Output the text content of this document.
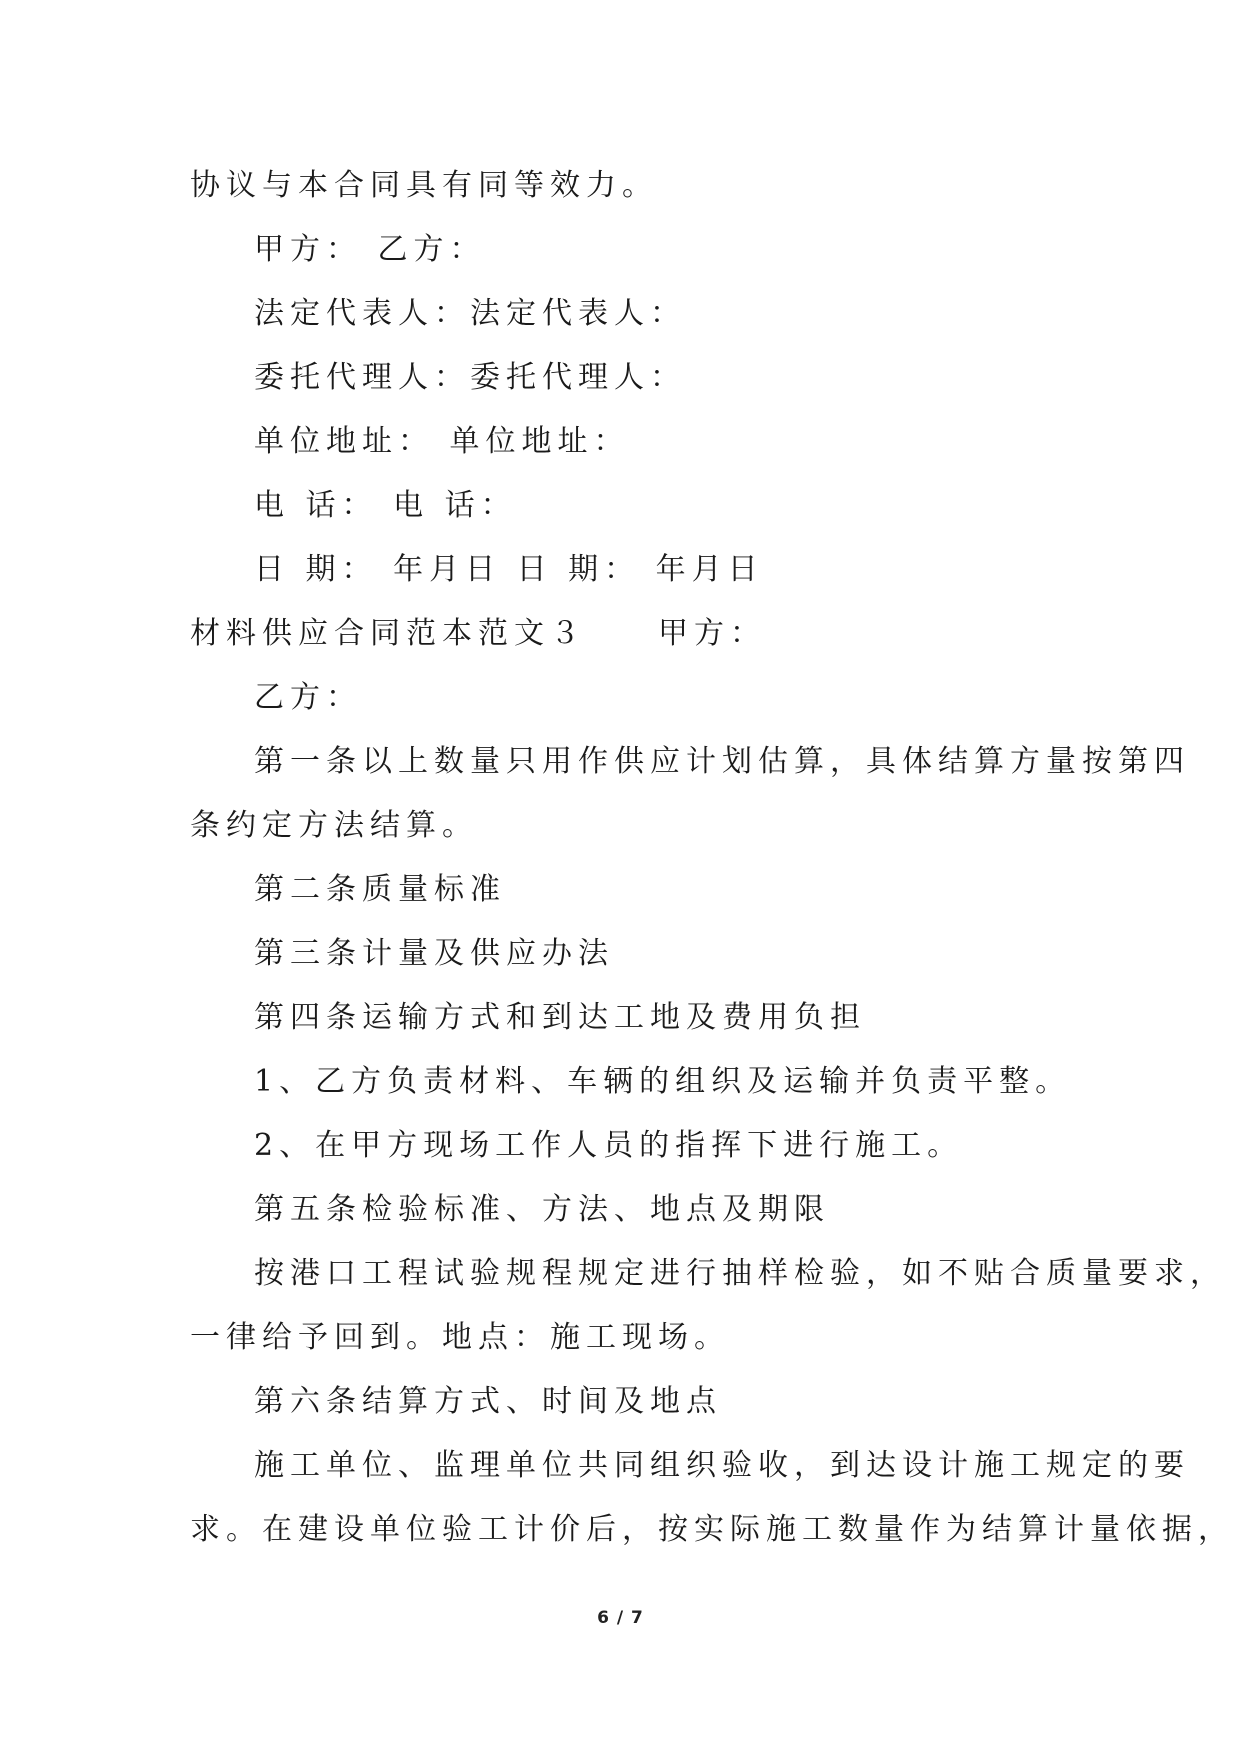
协议与本合同具有同等效力。
甲方： 乙方：
法定代表人：法定代表人：
委托代理人：委托代理人：
单位地址： 单位地址：
电 话： 电 话：
日 期： 年月日 日 期： 年月日
材料供应合同范本范文３　　甲方：
乙方：
第一条以上数量只用作供应计划估算，具体结算方量按第四
条约定方法结算。
第二条质量标准
第三条计量及供应办法
第四条运输方式和到达工地及费用负担
1、乙方负责材料、车辆的组织及运输并负责平整。
2、在甲方现场工作人员的指挥下进行施工。
第五条检验标准、方法、地点及期限
按港口工程试验规程规定进行抽样检验，如不贴合质量要求，
一律给予回到。地点：施工现场。
第六条结算方式、时间及地点
施工单位、监理单位共同组织验收，到达设计施工规定的要
求。在建设单位验工计价后，按实际施工数量作为结算计量依据，
6 / 7
